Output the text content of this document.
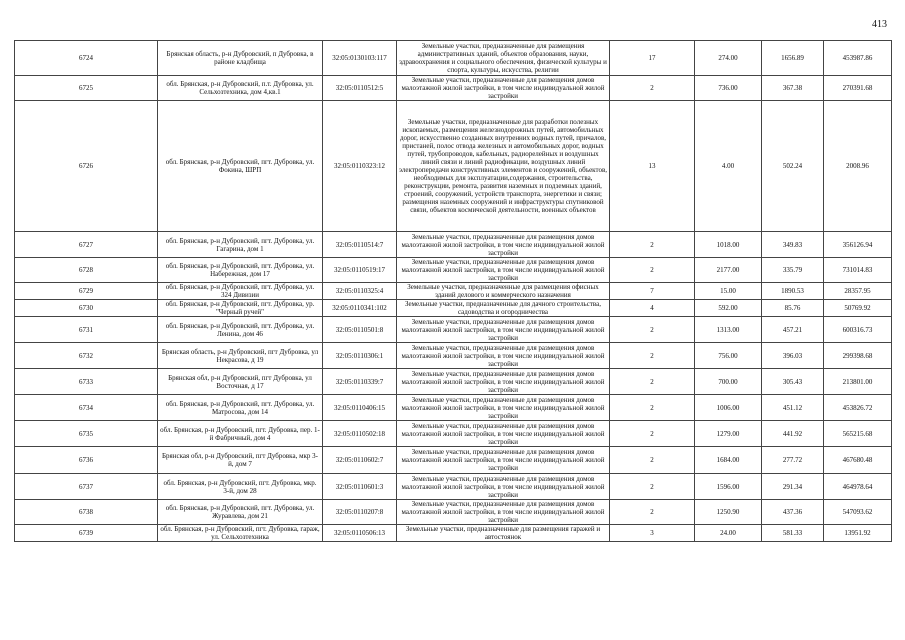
413
6724	Брянская область, р-н Дубровский, п Дубровка, в районе кладбища	32:05:0130103:117	Земельные участки, предназначенные для размещения административных зданий, объектов образования, науки, здравоохранения и социального обеспечения, физической культуры и спорта, культуры, искусства, религии	17	274.00	1656.89	453987.86
6725	обл. Брянская, р-н Дубровский, п.т. Дубровка, ул. Сельхозтехника, дом 4,кв.1	32:05:0110512:5	Земельные участки, предназначенные для размещения домов малоэтажной жилой застройки, в том числе индивидуальной жилой застройки	2	736.00	367.38	270391.68
6726	обл. Брянская, р-н Дубровский, пгт. Дубровка, ул. Фокина, ШРП	32:05:0110323:12	Земельные участки, предназначенные для разработки полезных ископаемых, размещения железнодорожных путей, автомобильных дорог, искусственно созданных внутренних водных путей, причалов, пристаней, полос отвода железных и автомобильных дорог, водных путей, трубопроводов, кабельных, радиорелейных и воздушных линий связи и линий радиофикации, воздушных линий электропередачи конструктивных элементов и сооружений, объектов, необходимых для эксплуатации,содержания, строительства, реконструкции, ремонта, развития наземных и подземных зданий, строений, сооружений, устройств транспорта, энергетики и связи; размещения наземных сооружений и инфраструктуры спутниковой связи, объектов космической деятельности, военных объектов	13	4.00	502.24	2008.96
6727	обл. Брянская, р-н Дубровский, пгт. Дубровка, ул. Гагарина, дом 1	32:05:0110514:7	Земельные участки, предназначенные для размещения домов малоэтажной жилой застройки, в том числе индивидуальной жилой застройки	2	1018.00	349.83	356126.94
6728	обл. Брянская, р-н Дубровский, пгт. Дубровка, ул. Набережная, дом 17	32:05:0110519:17	Земельные участки, предназначенные для размещения домов малоэтажной жилой застройки, в том числе индивидуальной жилой застройки	2	2177.00	335.79	731014.83
6729	обл. Брянская, р-н Дубровский, пгт. Дубровка, ул. 324 Дивизии	32:05:0110325:4	Земельные участки, предназначенные для размещения офисных зданий делового и коммерческого назначения	7	15.00	1890.53	28357.95
6730	обл. Брянская, р-н Дубровский, пгт. Дубровка, ур. "Черный ручей"	32:05:0110341:102	Земельные участки, предназначенные для дачного строительства, садоводства и огородничества	4	592.00	85.76	50769.92
6731	обл. Брянская, р-н Дубровский, пгт. Дубровка, ул. Ленина, дом 46	32:05:0110501:8	Земельные участки, предназначенные для размещения домов малоэтажной жилой застройки, в том числе индивидуальной жилой застройки	2	1313.00	457.21	600316.73
6732	Брянская область, р-н Дубровский, пгт Дубровка, ул Некрасова, д 19	32:05:0110306:1	Земельные участки, предназначенные для размещения домов малоэтажной жилой застройки, в том числе индивидуальной жилой застройки	2	756.00	396.03	299398.68
6733	Брянская обл, р-н Дубровский, пгт Дубровка, ул Восточная, д 17	32:05:0110339:7	Земельные участки, предназначенные для размещения домов малоэтажной жилой застройки, в том числе индивидуальной жилой застройки	2	700.00	305.43	213801.00
6734	обл. Брянская, р-н Дубровский, пгт. Дубровка, ул. Матросова, дом 14	32:05:0110406:15	Земельные участки, предназначенные для размещения домов малоэтажной жилой застройки, в том числе индивидуальной жилой застройки	2	1006.00	451.12	453826.72
6735	обл. Брянская, р-н Дубровский, пгт. Дубровка, пер. 1-й Фабричный, дом 4	32:05:0110502:18	Земельные участки, предназначенные для размещения домов малоэтажной жилой застройки, в том числе индивидуальной жилой застройки	2	1279.00	441.92	565215.68
6736	Брянская обл, р-н Дубровский, пгт Дубровка, мкр 3-й, дом 7	32:05:0110602:7	Земельные участки, предназначенные для размещения домов малоэтажной жилой застройки, в том числе индивидуальной жилой застройки	2	1684.00	277.72	467680.48
6737	обл. Брянская, р-н Дубровский, пгт. Дубровка, мкр. 3-й, дом 28	32:05:0110601:3	Земельные участки, предназначенные для размещения домов малоэтажной жилой застройки, в том числе индивидуальной жилой застройки	2	1596.00	291.34	464978.64
6738	обл. Брянская, р-н Дубровский, пгт. Дубровка, ул. Журавлева, дом 21	32:05:0110207:8	Земельные участки, предназначенные для размещения домов малоэтажной жилой застройки, в том числе индивидуальной жилой застройки	2	1250.90	437.36	547093.62
6739	обл. Брянская, р-н Дубровский, пгт. Дубровка, гараж, ул. Сельхозтехника	32:05:0110506:13	Земельные участки, предназначенные для размещения гаражей и автостоянок	3	24.00	581.33	13951.92
